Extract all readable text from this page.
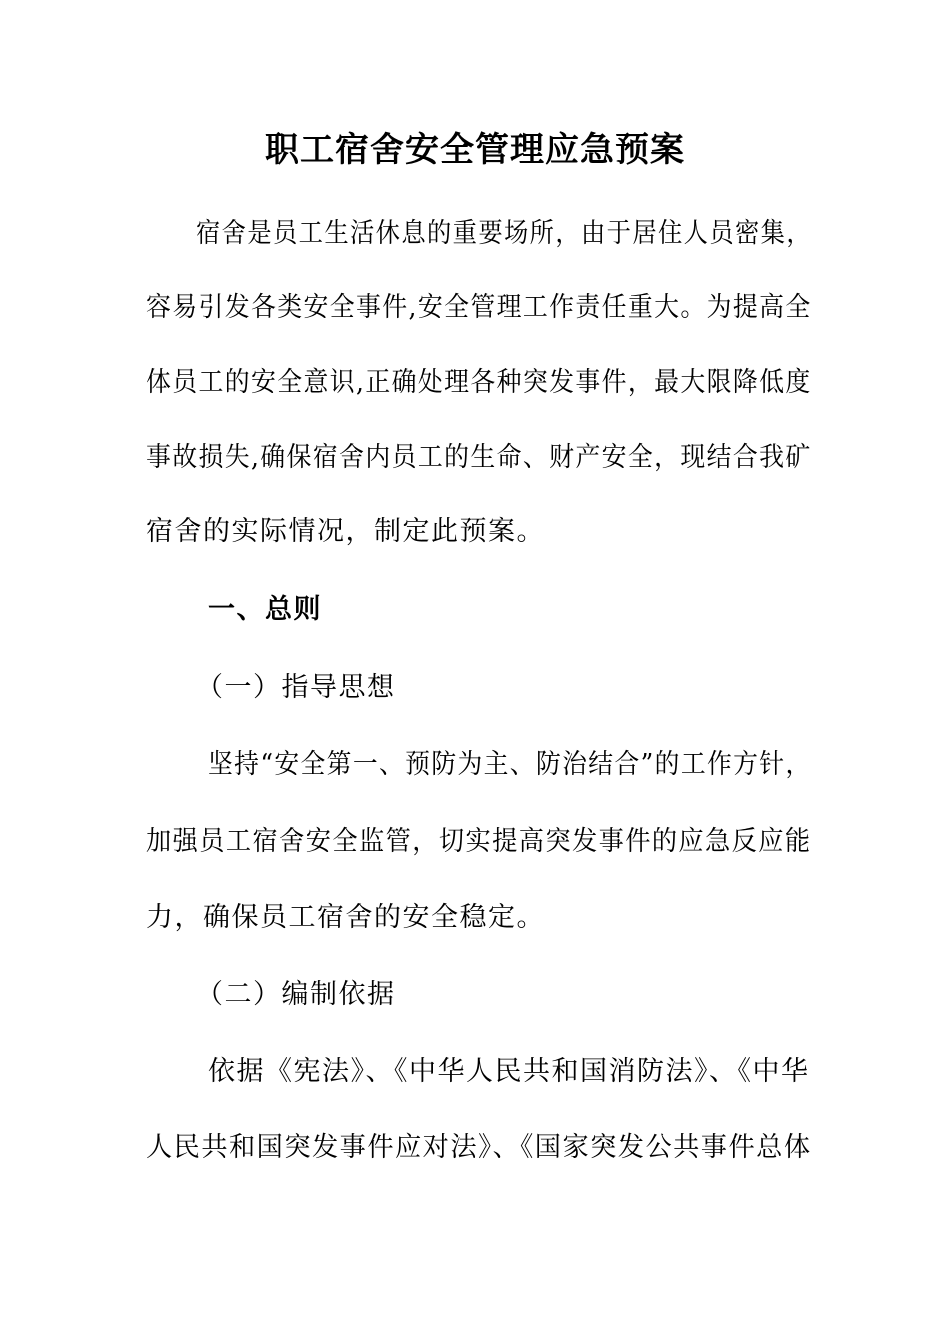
职工宿舍安全管理应急预案
宿舍是员工生活休息的重要场所，由于居住人员密集，
容易引发各类安全事件,安全管理工作责任重大。为提高全
体员工的安全意识,正确处理各种突发事件，最大限降低度
事故损失,确保宿舍内员工的生命、财产安全，现结合我矿
宿舍的实际情况，制定此预案。
一、总则
（一）指导思想
坚持“安全第一、预防为主、防治结合”的工作方针，
加强员工宿舍安全监管，切实提高突发事件的应急反应能
力，确保员工宿舍的安全稳定。
（二）编制依据
依据《宪法》、《中华人民共和国消防法》、《中华
人民共和国突发事件应对法》、《国家突发公共事件总体
